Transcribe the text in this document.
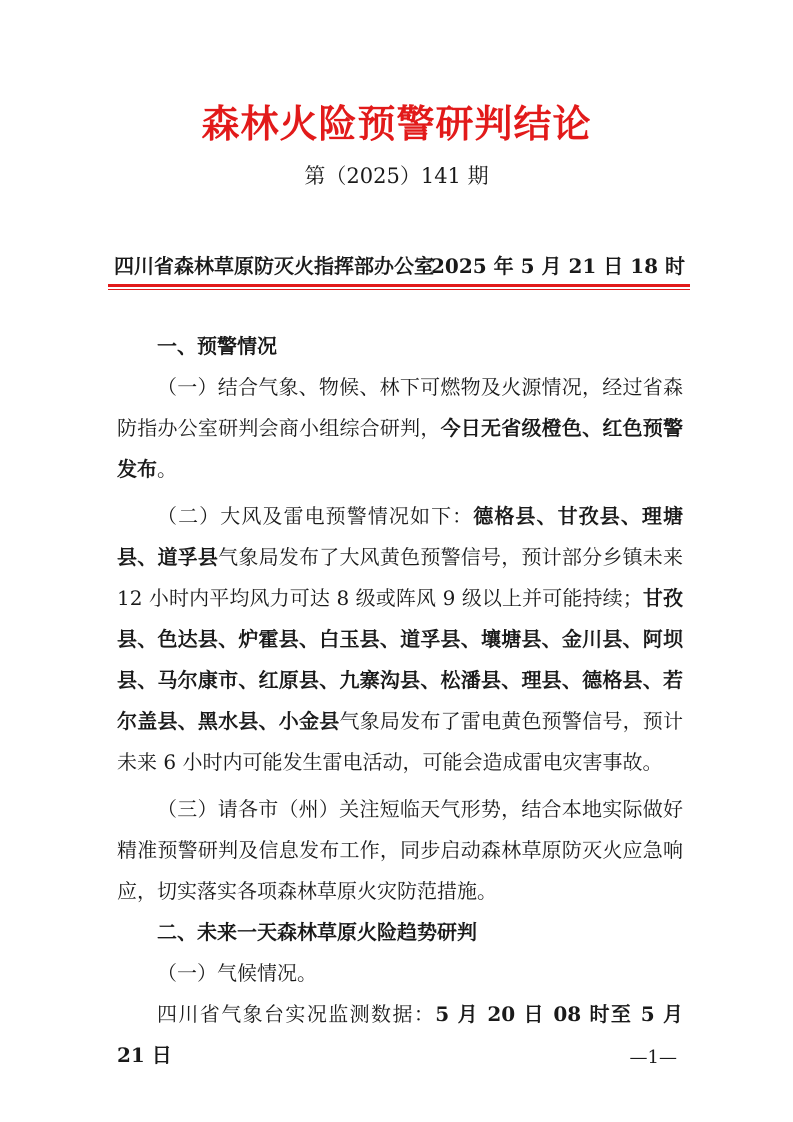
森林火险预警研判结论
第（2025）141 期
四川省森林草原防灭火指挥部办公室
2025 年 5 月 21 日 18 时

一、预警情况

（一）结合气象、物候、林下可燃物及火源情况，经过省森防指办公室研判会商小组综合研判，今日无省级橙色、红色预警发布。

（二）大风及雷电预警情况如下：德格县、甘孜县、理塘县、道孚县气象局发布了大风黄色预警信号，预计部分乡镇未来 12 小时内平均风力可达 8 级或阵风 9 级以上并可能持续；甘孜县、色达县、炉霍县、白玉县、道孚县、壤塘县、金川县、阿坝县、马尔康市、红原县、九寨沟县、松潘县、理县、德格县、若尔盖县、黑水县、小金县气象局发布了雷电黄色预警信号，预计未来 6 小时内可能发生雷电活动，可能会造成雷电灾害事故。

（三）请各市（州）关注短临天气形势，结合本地实际做好精准预警研判及信息发布工作，同步启动森林草原防灭火应急响应，切实落实各项森林草原火灾防范措施。

二、未来一天森林草原火险趋势研判

（一）气候情况。

四川省气象台实况监测数据：5 月 20 日 08 时至 5 月 21 日	—1—
